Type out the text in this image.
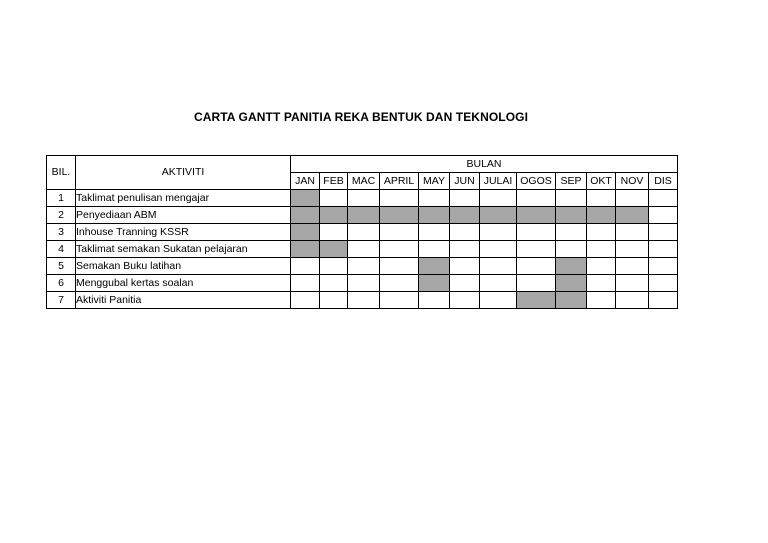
CARTA GANTT PANITIA REKA BENTUK DAN TEKNOLOGI
BIL.	AKTIVITI	BULAN											
		JAN	FEB	MAC	APRIL	MAY	JUN	JULAI	OGOS	SEP	OKT	NOV	DIS
1	Taklimat penulisan mengajar												
2	Penyediaan ABM												
3	Inhouse Tranning KSSR												
4	Taklimat semakan Sukatan pelajaran												
5	Semakan Buku latihan												
6	Menggubal kertas soalan												
7	Aktiviti Panitia												
